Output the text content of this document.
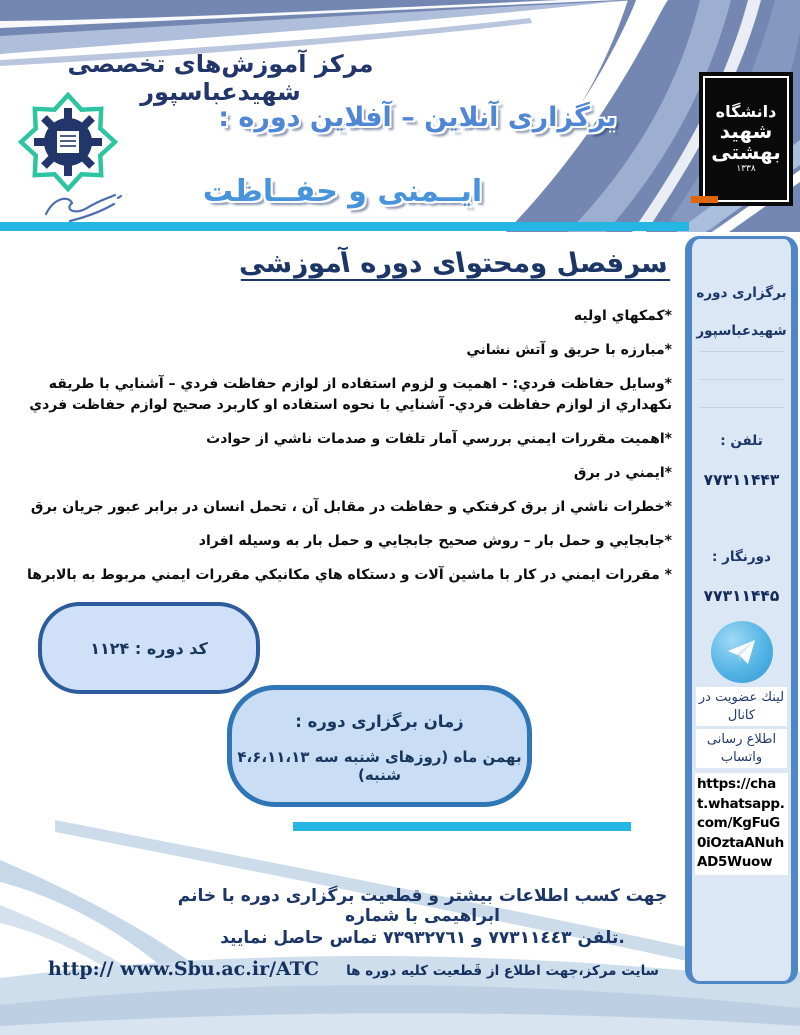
مرکز آموزش‌های تخصصی شهیدعباسپور
برگزاری آنلاین – آفلاین دوره :
ایــمنی و حفــاظت
دانشگاه
شهید
بهشتی
۱۳۳۸
سرفصل ومحتوای دوره آموزشی
*كمكهاي اوليه
*مبارزه با حريق و آتش نشاني
*وسايل حفاظت فردي: - اهميت و لزوم استفاده از لوازم حفاظت فردي – آشنايي با طريقه نكهداري از لوازم حفاظت فردي- آشنايي با نحوه استفاده او كاربرد صحيح لوازم حفاظت فردي
*اهميت مقررات ايمني بررسي آمار تلفات و صدمات ناشي از حوادث
*ايمني در برق
*خطرات ناشي از برق كرفتكي و حفاظت در مقابل آن ، تحمل انسان در برابر عبور جريان برق
*جابجايي و حمل بار – روش صحيح جابجايي و حمل بار به وسيله افراد
* مقررات ايمني در كار با ماشين آلات و دستكاه هاي مكانيكي مقررات ايمني مربوط به بالابرها
کد دوره : ۱۱۲۴
زمان برگزاری دوره :
۴،۶،۱۱،۱۳ بهمن ماه (روزهای شنبه سه شنبه)
برگزاری دوره
شهیدعباسپور
تلفن :
۷۷۳۱۱۴۴۳
دورنگار :
۷۷۳۱۱۴۴۵
لینك عضویت در كانال
اطلاع رسانی واتساب
https://chat.whatsapp.com/KgFuG0iOztaANuhAD5Wuow
جهت کسب اطلاعات بیشتر و قطعیت برگزاری دوره با خانم ابراهیمی با شماره
تلفن ٧٧٣١١٤٤٣ و ٧٣٩٣٢٧٦١ تماس حاصل نمایید.
http:// www.Sbu.ac.ir/ATC	سایت مرکز،جهت اطلاع از قَطعیت کلیه دوره ها
